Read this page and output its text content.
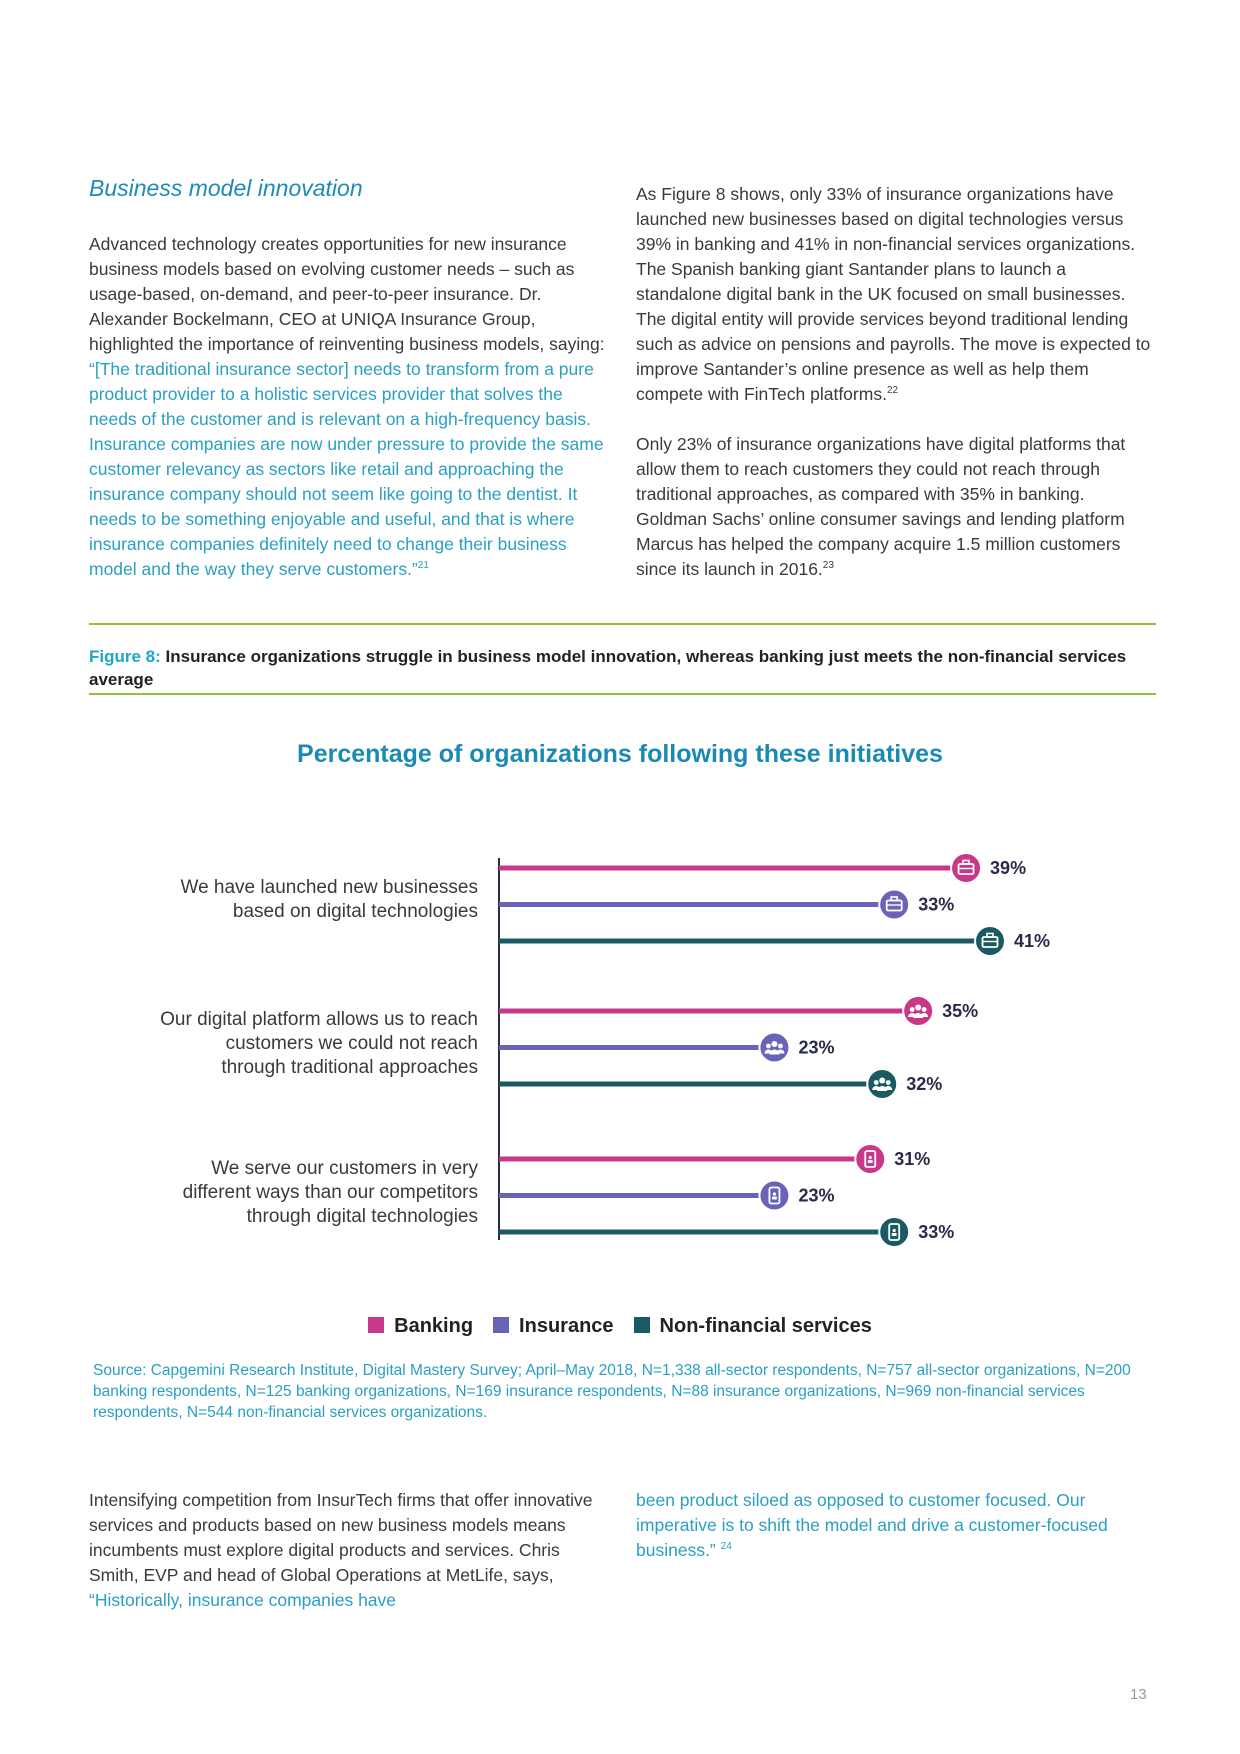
Business model innovation

Advanced technology creates opportunities for new insurance business models based on evolving customer needs – such as usage-based, on-demand, and peer-to-peer insurance. Dr. Alexander Bockelmann, CEO at UNIQA Insurance Group, highlighted the importance of reinventing business models, saying: “[The traditional insurance sector] needs to transform from a pure product provider to a holistic services provider that solves the needs of the customer and is relevant on a high-frequency basis. Insurance companies are now under pressure to provide the same customer relevancy as sectors like retail and approaching the insurance company should not seem like going to the dentist. It needs to be something enjoyable and useful, and that is where insurance companies definitely need to change their business model and the way they serve customers.”$^{21}$

As Figure 8 shows, only 33% of insurance organizations have launched new businesses based on digital technologies versus 39% in banking and 41% in non-financial services organizations. The Spanish banking giant Santander plans to launch a standalone digital bank in the UK focused on small businesses. The digital entity will provide services beyond traditional lending such as advice on pensions and payrolls. The move is expected to improve Santander’s online presence as well as help them compete with FinTech platforms.$^{22}$

Only 23% of insurance organizations have digital platforms that allow them to reach customers they could not reach through traditional approaches, as compared with 35% in banking. Goldman Sachs’ online consumer savings and lending platform Marcus has helped the company acquire 1.5 million customers since its launch in 2016.23

Figure 8: Insurance organizations struggle in business model innovation, whereas banking just meets the non-financial services average
Percentage of organizations following these initiatives
We have launched new businesses
based on digital technologies
Our digital platform allows us to reach
customers we could not reach
through traditional approaches
We serve our customers in very
different ways than our competitors
through digital technologies
39%
33%
41%
35%
23%
32%
31%
23%
33%
Banking Insurance Non-financial services
Source: Capgemini Research Institute, Digital Mastery Survey; April–May 2018, N=1,338 all-sector respondents, N=757 all-sector organizations, N=200 banking respondents, N=125 banking organizations, N=169 insurance respondents, N=88 insurance organizations, N=969 non-financial services respondents, N=544 non-financial services organizations.

Intensifying competition from InsurTech firms that offer innovative services and products based on new business models means incumbents must explore digital products and services. Chris Smith, EVP and head of Global Operations at MetLife, says, “Historically, insurance companies have

been product siloed as opposed to customer focused. Our imperative is to shift the model and drive a customer-focused business.” $^{24}$

13
